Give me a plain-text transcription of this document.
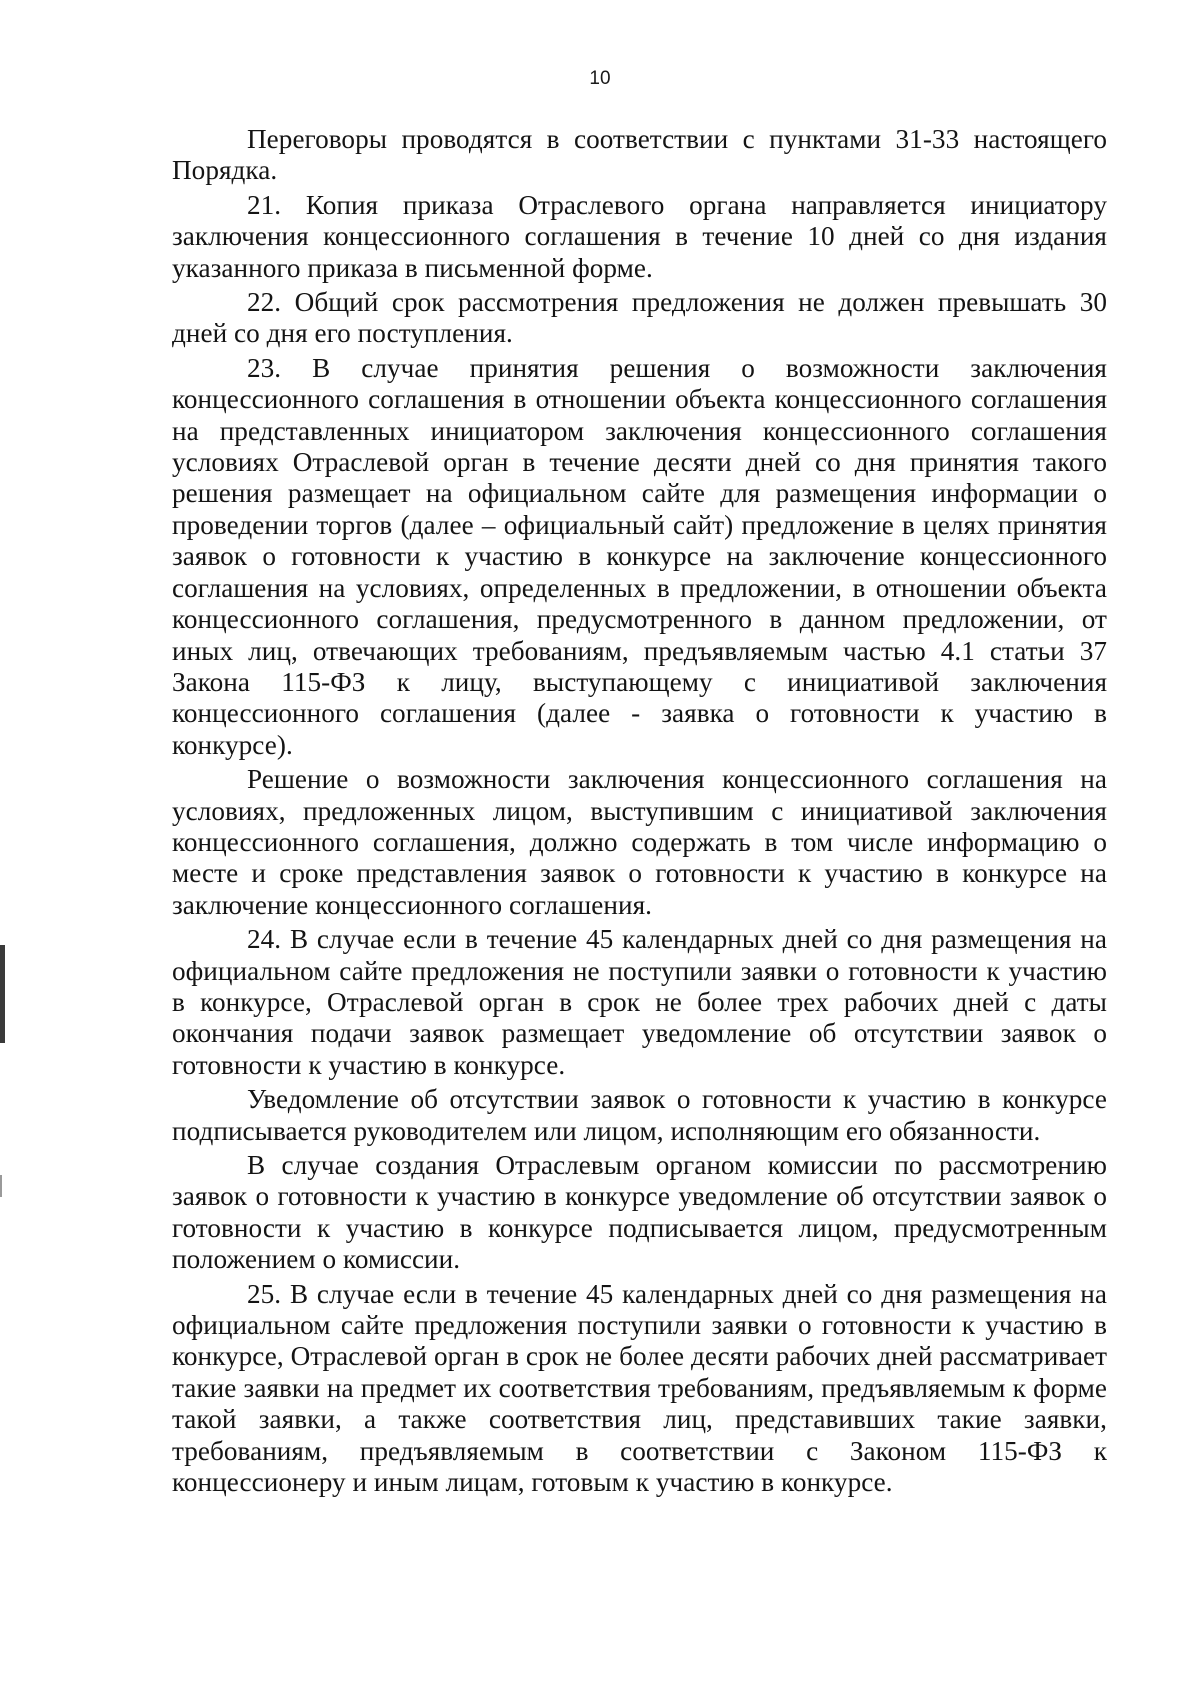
10

Переговоры проводятся в соответствии с пунктами 31-33 настоящего Порядка.

21. Копия приказа Отраслевого органа направляется инициатору заключения концессионного соглашения в течение 10 дней со дня издания указанного приказа в письменной форме.

22. Общий срок рассмотрения предложения не должен превышать 30 дней со дня его поступления.

23. В случае принятия решения о возможности заключения концессионного соглашения в отношении объекта концессионного соглашения на представленных инициатором заключения концессионного соглашения условиях Отраслевой орган в течение десяти дней со дня принятия такого решения размещает на официальном сайте для размещения информации о проведении торгов (далее – официальный сайт) предложение в целях принятия заявок о готовности к участию в конкурсе на заключение концессионного соглашения на условиях, определенных в предложении, в отношении объекта концессионного соглашения, предусмотренного в данном предложении, от иных лиц, отвечающих требованиям, предъявляемым частью 4.1 статьи 37 Закона 115-ФЗ к лицу, выступающему с инициативой заключения концессионного соглашения (далее - заявка о готовности к участию в конкурсе).

Решение о возможности заключения концессионного соглашения на условиях, предложенных лицом, выступившим с инициативой заключения концессионного соглашения, должно содержать в том числе информацию о месте и сроке представления заявок о готовности к участию в конкурсе на заключение концессионного соглашения.

24. В случае если в течение 45 календарных дней со дня размещения на официальном сайте предложения не поступили заявки о готовности к участию в конкурсе, Отраслевой орган в срок не более трех рабочих дней с даты окончания подачи заявок размещает уведомление об отсутствии заявок о готовности к участию в конкурсе.

Уведомление об отсутствии заявок о готовности к участию в конкурсе подписывается руководителем или лицом, исполняющим его обязанности.

В случае создания Отраслевым органом комиссии по рассмотрению заявок о готовности к участию в конкурсе уведомление об отсутствии заявок о готовности к участию в конкурсе подписывается лицом, предусмотренным положением о комиссии.

25. В случае если в течение 45 календарных дней со дня размещения на официальном сайте предложения поступили заявки о готовности к участию в конкурсе, Отраслевой орган в срок не более десяти рабочих дней рассматривает такие заявки на предмет их соответствия требованиям, предъявляемым к форме такой заявки, а также соответствия лиц, представивших такие заявки, требованиям, предъявляемым в соответствии с Законом 115-ФЗ к концессионеру и иным лицам, готовым к участию в конкурсе.
